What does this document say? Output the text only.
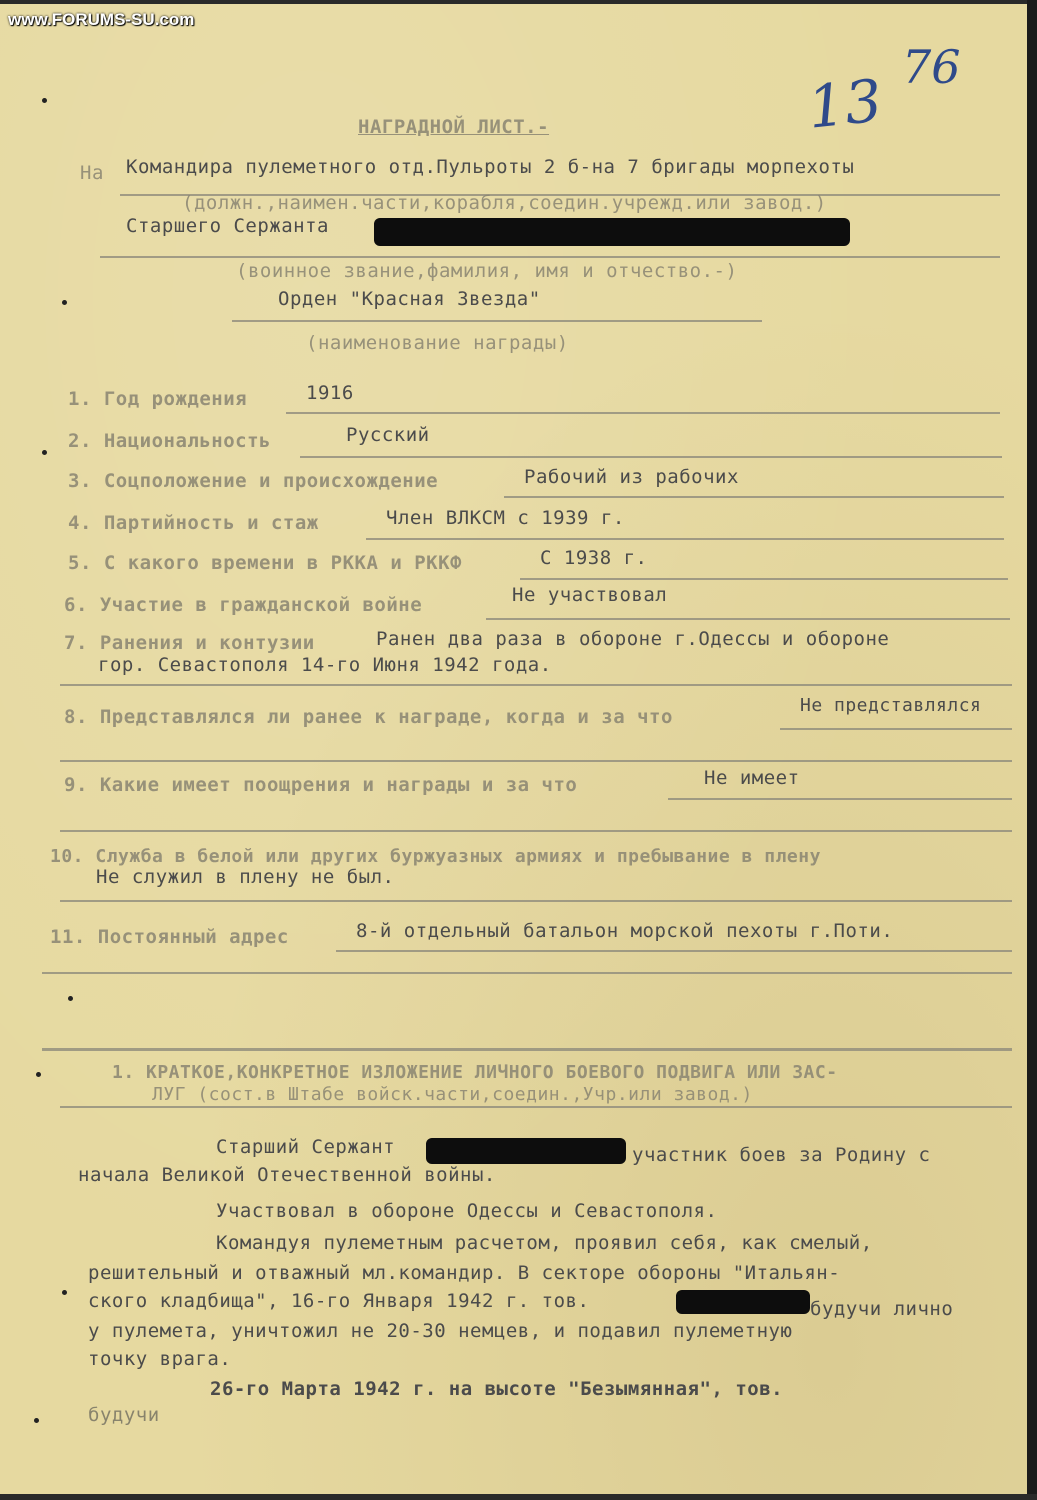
www.FORUMS-SU.com
13 76
НАГРАДНОЙ ЛИСТ.-
На Командира пулеметного отд.Пульроты 2 б-на 7 бригады морпехоты
(должн.,наимен.части,корабля,соедин.учрежд.или завод.)
Старшего Сержанта
(воинное звание,фамилия, имя и отчество.-)
Орден "Красная Звезда"
(наименование награды)
1. Год рождения	1916
2. Национальность	Русский
3. Соцположение и происхождение	Рабочий из рабочих
4. Партийность и стаж	Член ВЛКСМ с 1939 г.
5. С какого времени в РККА и РККФ	С 1938 г.
6. Участие в гражданской войне	Не участвовал
7. Ранения и контузии	Ранен два раза в обороне г.Одессы и обороне
гор. Севастополя 14-го Июня 1942 года.
8. Представлялся ли ранее к награде, когда и за что
Не представлялся
9. Какие имеет поощрения и награды и за что	Не имеет
10. Служба в белой или других буржуазных армиях и пребывание в плену
Не служил в плену не был.
11. Постоянный адрес	8-й отдельный батальон морской пехоты г.Поти.
1. КРАТКОЕ,КОНКРЕТНОЕ ИЗЛОЖЕНИЕ ЛИЧНОГО БОЕВОГО ПОДВИГА ИЛИ ЗАС-
ЛУГ (сост.в Штабе войск.части,соедин.,Учр.или завод.)
Старший Сержант	участник боев за Родину с
начала Великой Отечественной войны.
Участвовал в обороне Одессы и Севастополя.
Командуя пулеметным расчетом, проявил себя, как смелый,
решительный и отважный мл.командир. В секторе обороны "Итальян-
ского кладбища", 16-го Января 1942 г. тов.	будучи лично
у пулемета, уничтожил не 20-30 немцев, и подавил пулеметную
точку врага.
26-го Марта 1942 г. на высоте "Безымянная", тов.
будучи
